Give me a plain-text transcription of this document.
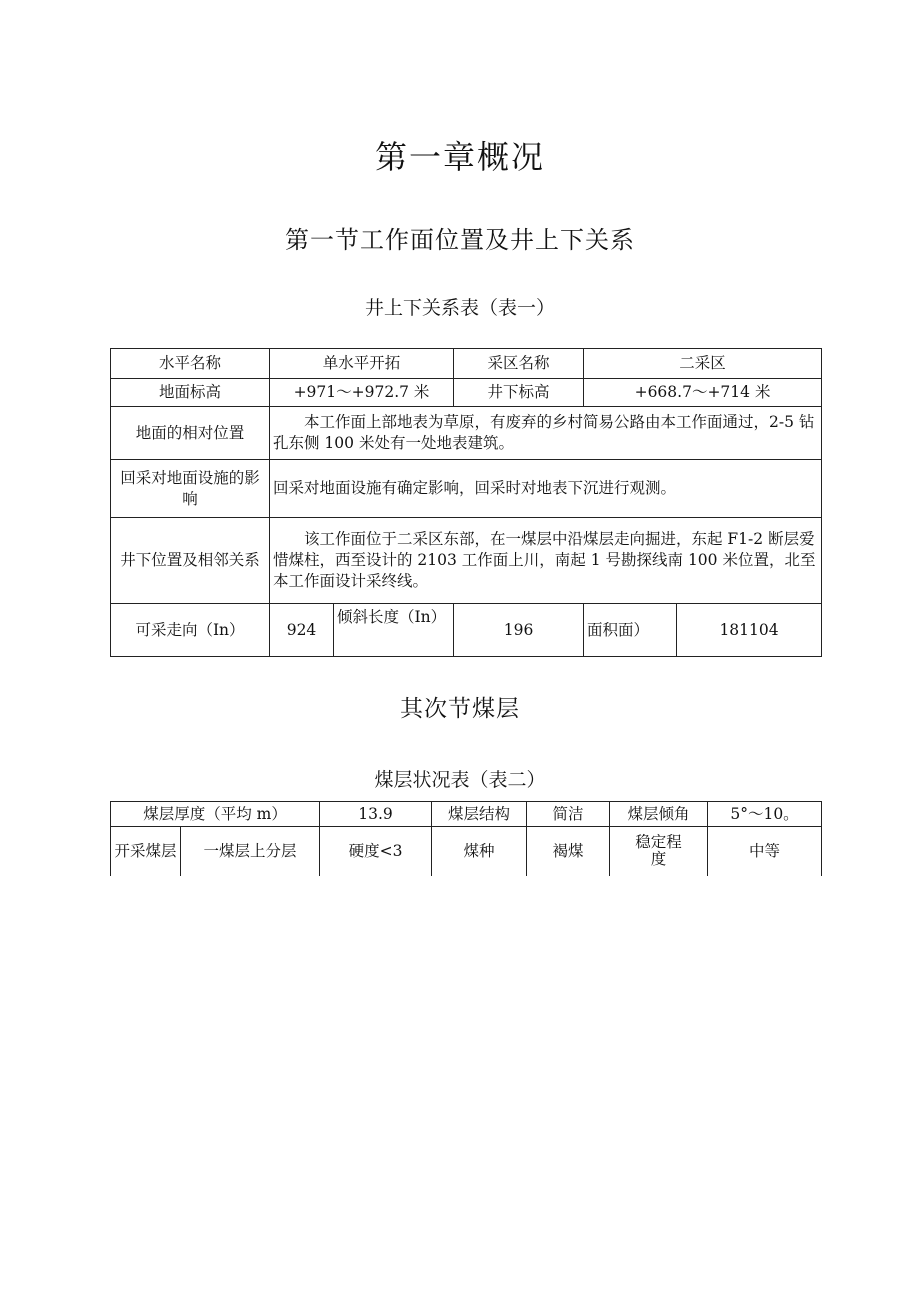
第一章概况
第一节工作面位置及井上下关系
井上下关系表（表一）
水平名称	单水平开拓		采区名称	二采区	
地面标高	+971～+972.7 米		井下标高	+668.7～+714 米	
地面的相对位置	本工作面上部地表为草原，有废弃的乡村简易公路由本工作面通过，2-5 钻孔东侧 100 米处有一处地表建筑。				
回采对地面设施的影响	回采对地面设施有确定影响，回采时对地表下沉进行观测。				
井下位置及相邻关系	该工作面位于二采区东部，在一煤层中沿煤层走向掘进，东起 F1-2 断层爱惜煤柱，西至设计的 2103 工作面上川，南起 1 号勘探线南 100 米位置，北至本工作面设计采终线。				
可采走向（In）	924	倾斜长度（In）	196	面积面）	181104
其次节煤层
煤层状况表（表二）
煤层厚度（平均 m）		13.9	煤层结构	简洁	煤层倾角	5°～10。
开采煤层	一煤层上分层	硬度<3	煤种	褐煤	稳定程度	中等
